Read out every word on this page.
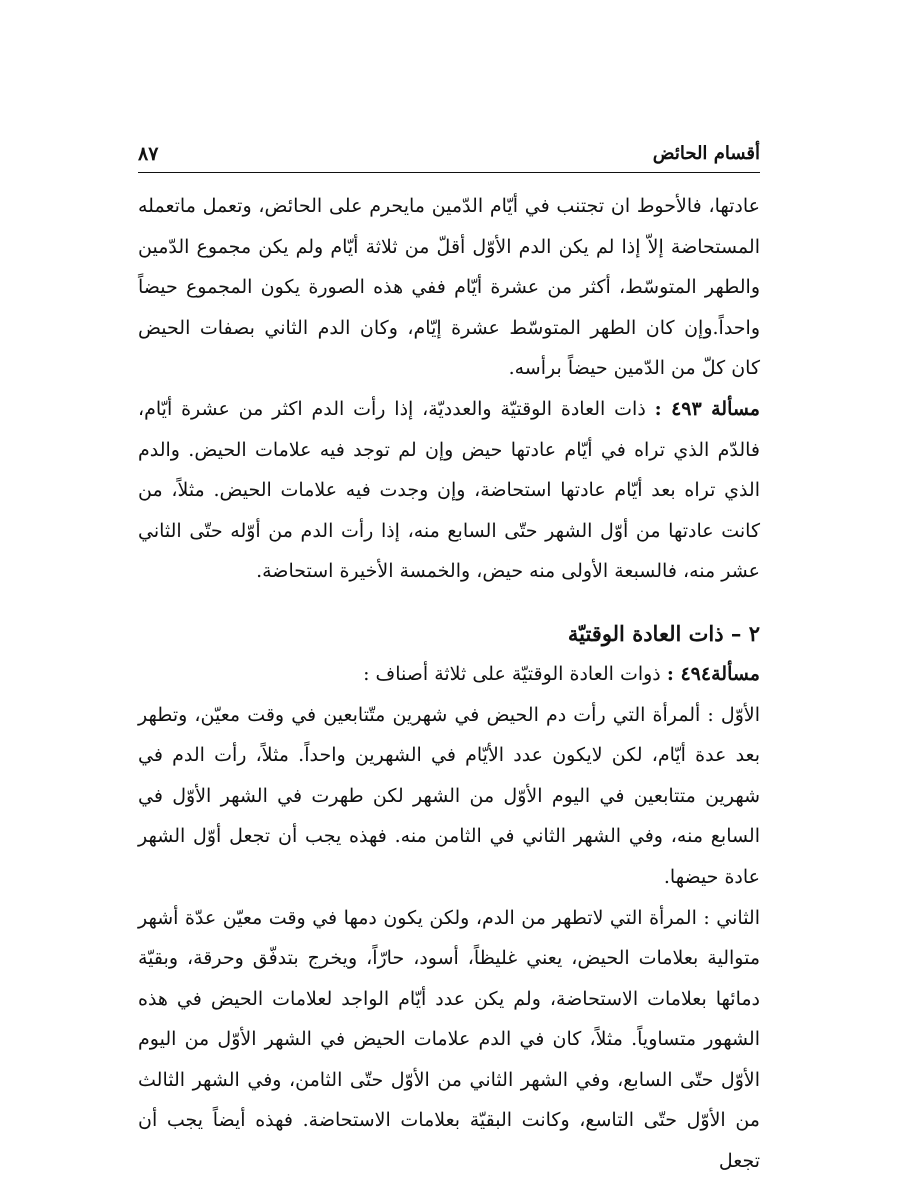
٨٧	أقسام الحائض

عادتها، فالأحوط ان تجتنب في أيّام الدّمين مايحرم على الحائض، وتعمل ماتعمله المستحاضة إلاّ إذا لم يكن الدم الأوّل أقلّ من ثلاثة أيّام ولم يكن مجموع الدّمين والطهر المتوسّط، أكثر من عشرة أيّام ففي هذه الصورة يكون المجموع حيضاً واحداً.وإن كان الطهر المتوسّط عشرة إيّام، وكان الدم الثاني بصفات الحيض كان كلّ من الدّمين حيضاً برأسه.

مسألة ٤٩٣ : ذات العادة الوقتيّة والعدديّة، إذا رأت الدم اكثر من عشرة أيّام، فالدّم الذي تراه في أيّام عادتها حيض وإن لم توجد فيه علامات الحيض. والدم الذي تراه بعد أيّام عادتها استحاضة، وإن وجدت فيه علامات الحيض. مثلاً، من كانت عادتها من أوّل الشهر حتّى السابع منه، إذا رأت الدم من أوّله حتّى الثاني عشر منه، فالسبعة الأولى منه حيض، والخمسة الأخيرة استحاضة.

٢ – ذات العادة الوقتيّة

مسألة٤٩٤ : ذوات العادة الوقتيّة على ثلاثة أصناف :

الأوّل : ألمرأة التي رأت دم الحيض في شهرين متّتابعين في وقت معيّن، وتطهر بعد عدة أيّام، لكن لايكون عدد الأيّام في الشهرين واحداً. مثلاً، رأت الدم في شهرين متتابعين في اليوم الأوّل من الشهر لكن طهرت في الشهر الأوّل في السابع منه، وفي الشهر الثاني في الثامن منه. فهذه يجب أن تجعل أوّل الشهر عادة حيضها.

الثاني : المرأة التي لاتطهر من الدم، ولكن يكون دمها في وقت معيّن عدّة أشهر متوالية بعلامات الحيض، يعني غليظاً، أسود، حارّاً، ويخرج بتدفّق وحرقة، وبقيّة دمائها بعلامات الاستحاضة، ولم يكن عدد أيّام الواجد لعلامات الحيض في هذه الشهور متساوياً. مثلاً، كان في الدم علامات الحيض في الشهر الأوّل من اليوم الأوّل حتّى السابع، وفي الشهر الثاني من الأوّل حتّى الثامن، وفي الشهر الثالث من الأوّل حتّى التاسع، وكانت البقيّة بعلامات الاستحاضة. فهذه أيضاً يجب أن تجعل
